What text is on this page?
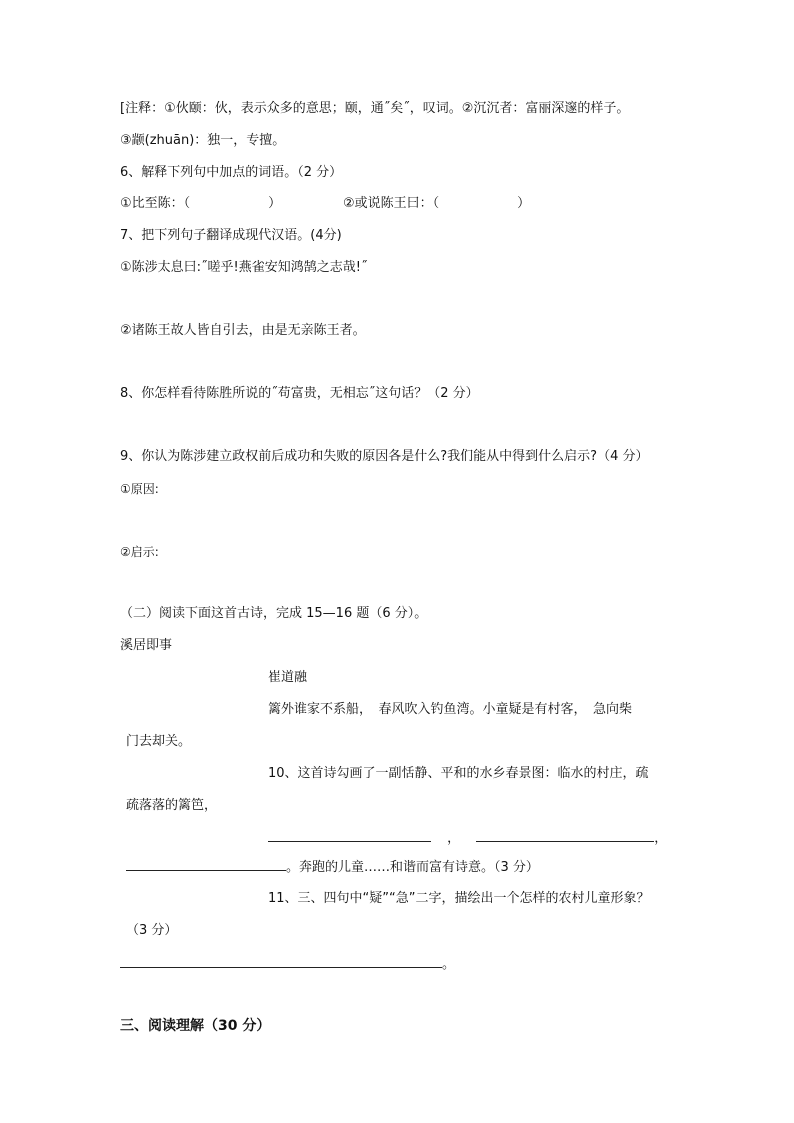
[注释：①伙颐：伙，表示众多的意思；颐，通˝矣˝，叹词。②沉沉者：富丽深邃的样子。
③颛(zhuān)：独一，专擅。
6、解释下列句中加点的词语。（2 分）
①比至陈：（　　　　　　）	②或说陈王曰：（　　　　　　）
7、把下列句子翻译成现代汉语。(4分)
①陈涉太息曰:˝嗟乎!燕雀安知鸿鹄之志哉!˝
②诸陈王故人皆自引去，由是无亲陈王者。
8、你怎样看待陈胜所说的˝苟富贵，无相忘˝这句话？（2 分）
9、你认为陈涉建立政权前后成功和失败的原因各是什么?我们能从中得到什么启示?（4 分）
①原因:
②启示:
（二）阅读下面这首古诗，完成 15—16 题（6 分）。
溪居即事
崔道融
篱外谁家不系船，　春风吹入钓鱼湾。小童疑是有村客，　急向柴
门去却关。
10、这首诗勾画了一副恬静、平和的水乡春景图：临水的村庄，疏
疏落落的篱笆，
，	，
。奔跑的儿童……和谐而富有诗意。（3 分）
11、三、四句中“疑”“急”二字，描绘出一个怎样的农村儿童形象？
（3 分）
。
三、阅读理解（30 分）
